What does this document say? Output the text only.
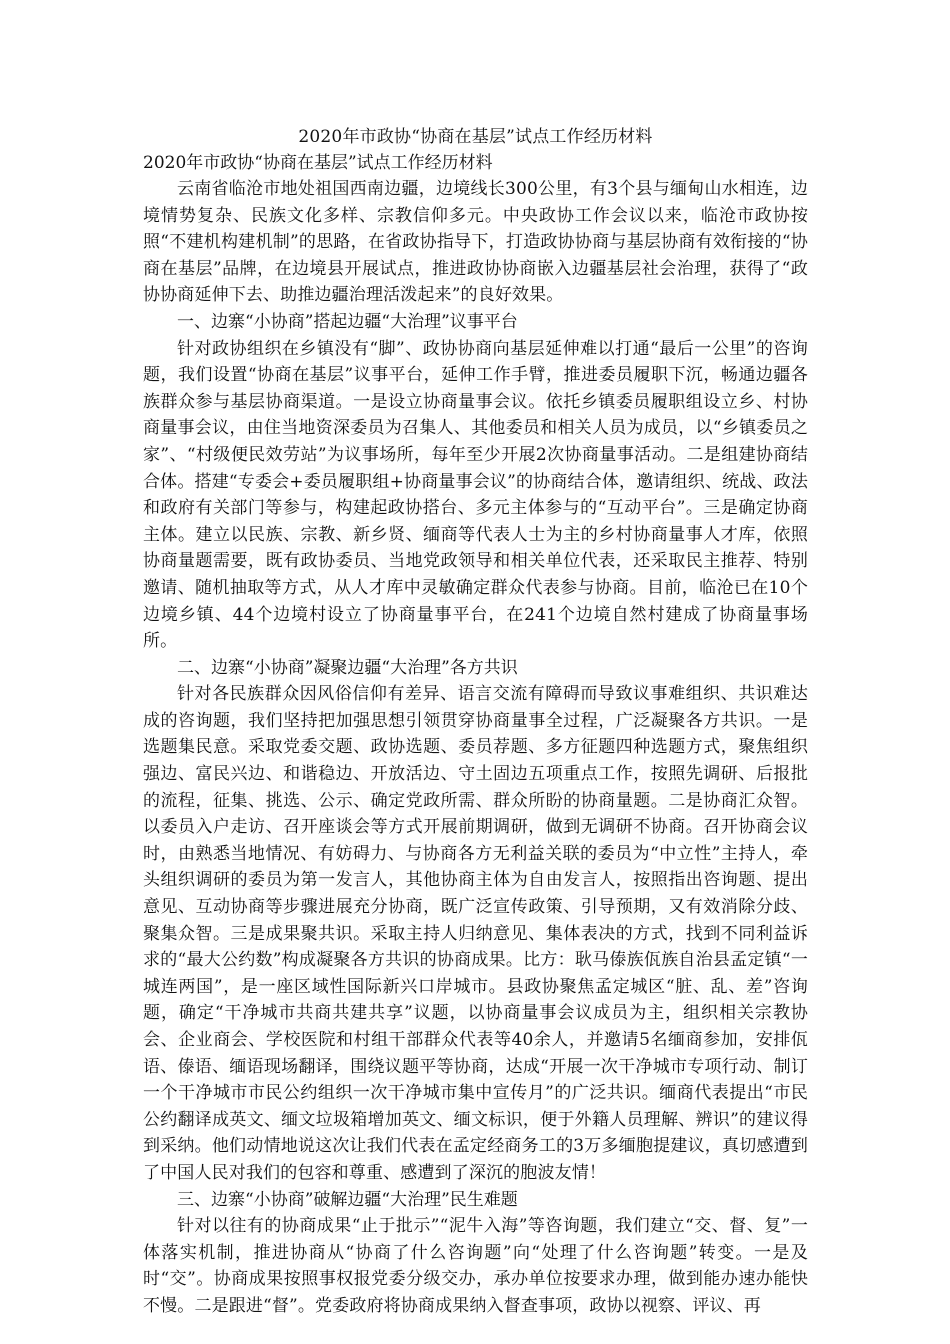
2020年市政协“协商在基层”试点工作经历材料

2020年市政协“协商在基层”试点工作经历材料

云南省临沧市地处祖国西南边疆，边境线长300公里，有3个县与缅甸山水相连，边境情势复杂、民族文化多样、宗教信仰多元。中央政协工作会议以来，临沧市政协按照“不建机构建机制”的思路，在省政协指导下，打造政协协商与基层协商有效衔接的“协商在基层”品牌，在边境县开展试点，推进政协协商嵌入边疆基层社会治理，获得了“政协协商延伸下去、助推边疆治理活泼起来”的良好效果。

一、边寨“小协商”搭起边疆“大治理”议事平台

针对政协组织在乡镇没有“脚”、政协协商向基层延伸难以打通“最后一公里”的咨询题，我们设置“协商在基层”议事平台，延伸工作手臂，推进委员履职下沉，畅通边疆各族群众参与基层协商渠道。一是设立协商量事会议。依托乡镇委员履职组设立乡、村协商量事会议，由住当地资深委员为召集人、其他委员和相关人员为成员，以“乡镇委员之家”、“村级便民效劳站”为议事场所，每年至少开展2次协商量事活动。二是组建协商结合体。搭建“专委会+委员履职组+协商量事会议”的协商结合体，邀请组织、统战、政法和政府有关部门等参与，构建起政协搭台、多元主体参与的“互动平台”。三是确定协商主体。建立以民族、宗教、新乡贤、缅商等代表人士为主的乡村协商量事人才库，依照协商量题需要，既有政协委员、当地党政领导和相关单位代表，还采取民主推荐、特别邀请、随机抽取等方式，从人才库中灵敏确定群众代表参与协商。目前，临沧已在10个边境乡镇、44个边境村设立了协商量事平台，在241个边境自然村建成了协商量事场所。

二、边寨“小协商”凝聚边疆“大治理”各方共识

针对各民族群众因风俗信仰有差异、语言交流有障碍而导致议事难组织、共识难达成的咨询题，我们坚持把加强思想引领贯穿协商量事全过程，广泛凝聚各方共识。一是选题集民意。采取党委交题、政协选题、委员荐题、多方征题四种选题方式，聚焦组织强边、富民兴边、和谐稳边、开放活边、守土固边五项重点工作，按照先调研、后报批的流程，征集、挑选、公示、确定党政所需、群众所盼的协商量题。二是协商汇众智。以委员入户走访、召开座谈会等方式开展前期调研，做到无调研不协商。召开协商会议时，由熟悉当地情况、有妨碍力、与协商各方无利益关联的委员为“中立性”主持人，牵头组织调研的委员为第一发言人，其他协商主体为自由发言人，按照指出咨询题、提出意见、互动协商等步骤进展充分协商，既广泛宣传政策、引导预期，又有效消除分歧、聚集众智。三是成果聚共识。采取主持人归纳意见、集体表决的方式，找到不同利益诉求的“最大公约数”构成凝聚各方共识的协商成果。比方：耿马傣族佤族自治县孟定镇“一城连两国”，是一座区域性国际新兴口岸城市。县政协聚焦孟定城区“脏、乱、差”咨询题，确定“干净城市共商共建共享”议题，以协商量事会议成员为主，组织相关宗教协会、企业商会、学校医院和村组干部群众代表等40余人，并邀请5名缅商参加，安排佤语、傣语、缅语现场翻译，围绕议题平等协商，达成“开展一次干净城市专项行动、制订一个干净城市市民公约组织一次干净城市集中宣传月”的广泛共识。缅商代表提出“市民公约翻译成英文、缅文垃圾箱增加英文、缅文标识，便于外籍人员理解、辨识”的建议得到采纳。他们动情地说这次让我们代表在孟定经商务工的3万多缅胞提建议，真切感遭到了中国人民对我们的包容和尊重、感遭到了深沉的胞波友情！

三、边寨“小协商”破解边疆“大治理”民生难题

针对以往有的协商成果“止于批示”“泥牛入海”等咨询题，我们建立“交、督、复”一体落实机制，推进协商从“协商了什么咨询题”向“处理了什么咨询题”转变。一是及时“交”。协商成果按照事权报党委分级交办，承办单位按要求办理，做到能办速办能快不慢。二是跟进“督”。党委政府将协商成果纳入督查事项，政协以视察、评议、再
